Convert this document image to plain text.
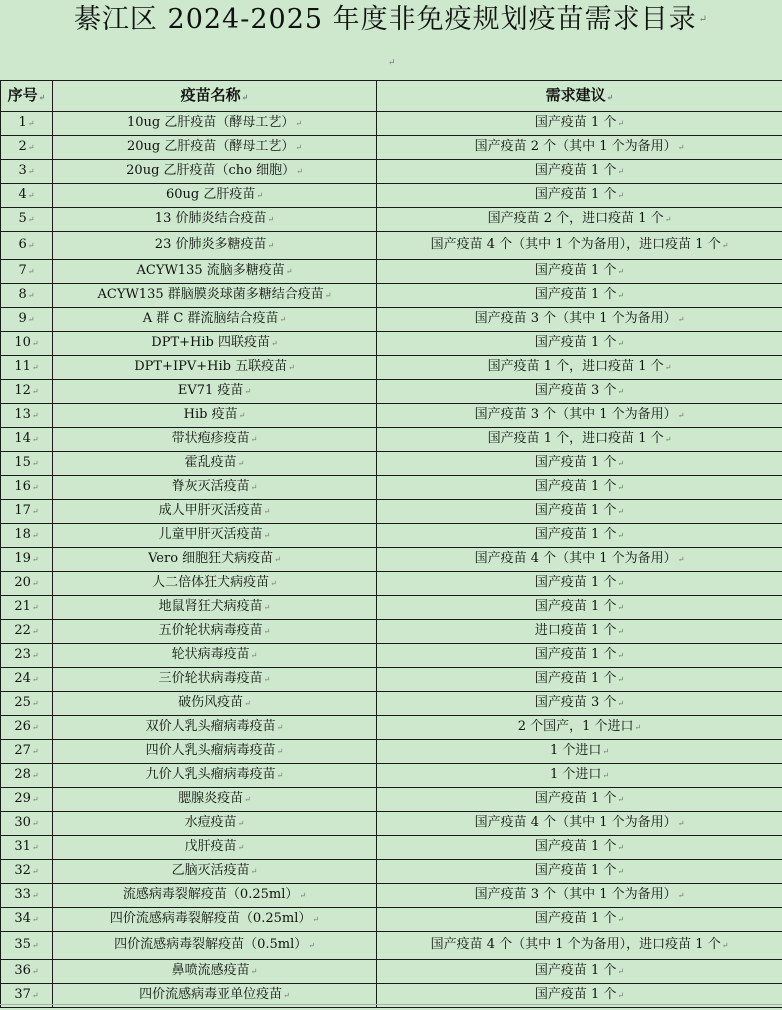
綦江区 2024-2025 年度非免疫规划疫苗需求目录 ↵
↵
序号↵	疫苗名称↵	需求建议↵
1↵	10ug 乙肝疫苗（酵母工艺）↵	国产疫苗 1 个↵
2↵	20ug 乙肝疫苗（酵母工艺）↵	国产疫苗 2 个（其中 1 个为备用）↵
3↵	20ug 乙肝疫苗（cho 细胞）↵	国产疫苗 1 个↵
4↵	60ug 乙肝疫苗↵	国产疫苗 1 个↵
5↵	13 价肺炎结合疫苗↵	国产疫苗 2 个，进口疫苗 1 个↵
6↵	23 价肺炎多糖疫苗↵	国产疫苗 4 个（其中 1 个为备用），进口疫苗 1 个↵
7↵	ACYW135 流脑多糖疫苗↵	国产疫苗 1 个↵
8↵	ACYW135 群脑膜炎球菌多糖结合疫苗↵	国产疫苗 1 个↵
9↵	A 群 C 群流脑结合疫苗↵	国产疫苗 3 个（其中 1 个为备用）↵
10↵	DPT+Hib 四联疫苗↵	国产疫苗 1 个↵
11↵	DPT+IPV+Hib 五联疫苗↵	国产疫苗 1 个，进口疫苗 1 个↵
12↵	EV71 疫苗↵	国产疫苗 3 个↵
13↵	Hib 疫苗↵	国产疫苗 3 个（其中 1 个为备用）↵
14↵	带状疱疹疫苗↵	国产疫苗 1 个，进口疫苗 1 个↵
15↵	霍乱疫苗↵	国产疫苗 1 个↵
16↵	脊灰灭活疫苗↵	国产疫苗 1 个↵
17↵	成人甲肝灭活疫苗↵	国产疫苗 1 个↵
18↵	儿童甲肝灭活疫苗↵	国产疫苗 1 个↵
19↵	Vero 细胞狂犬病疫苗↵	国产疫苗 4 个（其中 1 个为备用）↵
20↵	人二倍体狂犬病疫苗↵	国产疫苗 1 个↵
21↵	地鼠肾狂犬病疫苗↵	国产疫苗 1 个↵
22↵	五价轮状病毒疫苗↵	进口疫苗 1 个↵
23↵	轮状病毒疫苗↵	国产疫苗 1 个↵
24↵	三价轮状病毒疫苗↵	国产疫苗 1 个↵
25↵	破伤风疫苗↵	国产疫苗 3 个↵
26↵	双价人乳头瘤病毒疫苗↵	2 个国产，1 个进口↵
27↵	四价人乳头瘤病毒疫苗↵	1 个进口↵
28↵	九价人乳头瘤病毒疫苗↵	1 个进口↵
29↵	腮腺炎疫苗↵	国产疫苗 1 个↵
30↵	水痘疫苗↵	国产疫苗 4 个（其中 1 个为备用）↵
31↵	戊肝疫苗↵	国产疫苗 1 个↵
32↵	乙脑灭活疫苗↵	国产疫苗 1 个↵
33↵	流感病毒裂解疫苗（0.25ml）↵	国产疫苗 3 个（其中 1 个为备用）↵
34↵	四价流感病毒裂解疫苗（0.25ml）↵	国产疫苗 1 个↵
35↵	四价流感病毒裂解疫苗（0.5ml）↵	国产疫苗 4 个（其中 1 个为备用），进口疫苗 1 个↵
36↵	鼻喷流感疫苗↵	国产疫苗 1 个↵
37↵	四价流感病毒亚单位疫苗↵	国产疫苗 1 个↵
